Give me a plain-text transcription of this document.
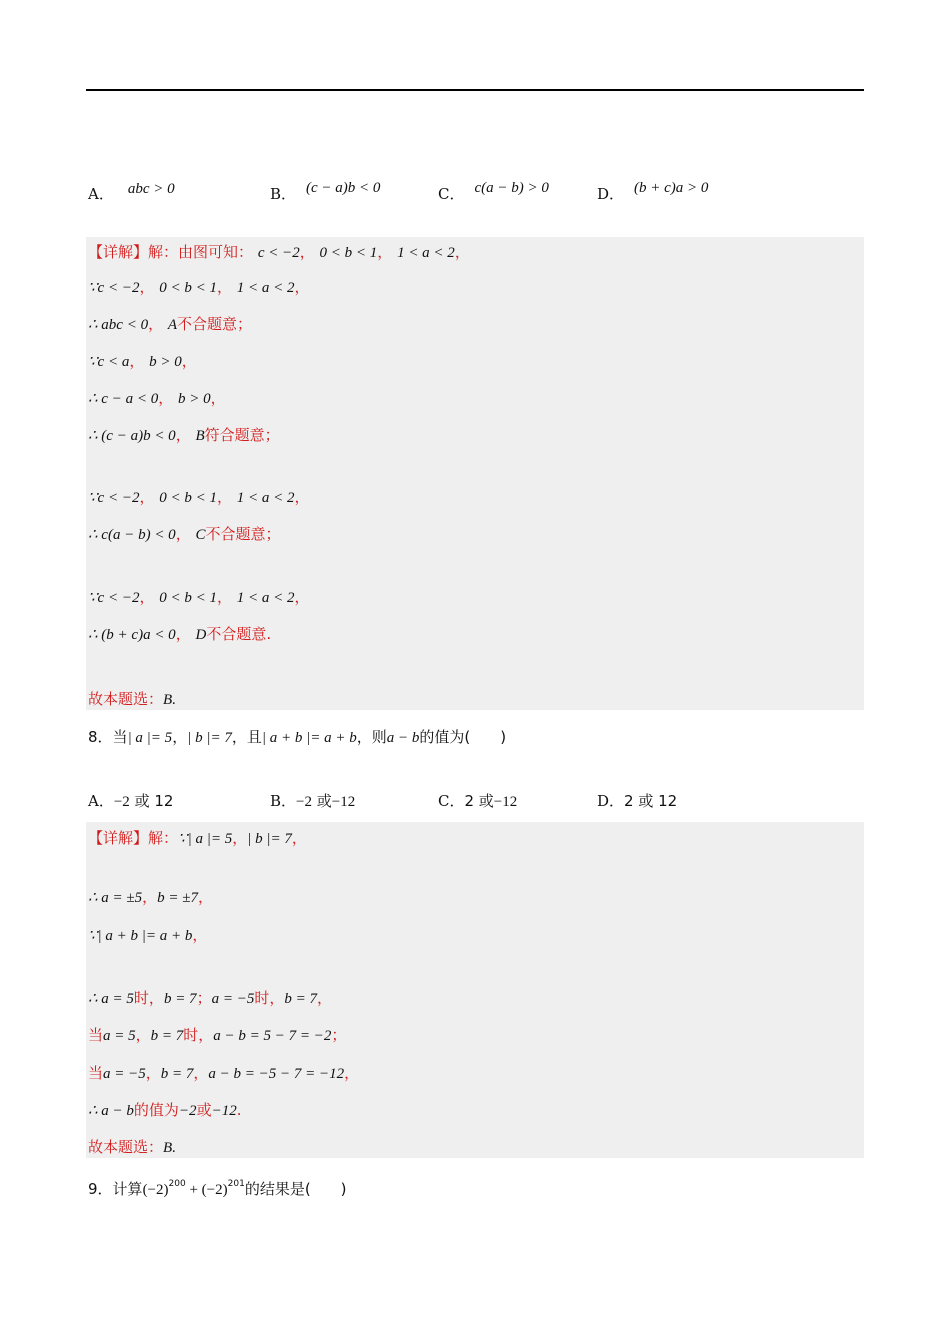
A． abc > 0	B． (c − a)b < 0	C． c(a − b) > 0	D． (b + c)a > 0
【详解】解：由图可知： c < −2， 0 < b < 1， 1 < a < 2，
∵c < −2， 0 < b < 1， 1 < a < 2，
∴ abc < 0， A不合题意；
∵c < a， b > 0，
∴ c − a < 0， b > 0，
∴ (c − a)b < 0， B符合题意；
∵c < −2， 0 < b < 1， 1 < a < 2，
∴ c(a − b) < 0， C不合题意；
∵c < −2， 0 < b < 1， 1 < a < 2，
∴ (b + c)a < 0， D不合题意.
故本题选：B.
8．当| a |= 5，| b |= 7，且| a + b |= a + b，则a − b的值为(　　)
A．−2 或 12	B．−2 或−12	C．2 或−12	D．2 或 12
【详解】解：∵| a |= 5，| b |= 7，
∴ a = ±5，b = ±7，
∵| a + b |= a + b，
∴ a = 5时，b = 7；a = −5时，b = 7，
当a = 5，b = 7时，a − b = 5 − 7 = −2；
当a = −5，b = 7，a − b = −5 − 7 = −12，
∴ a − b的值为−2或−12.
故本题选：B.
9．计算$(-2)^{200} + (-2)^{201}$的结果是(　　)
